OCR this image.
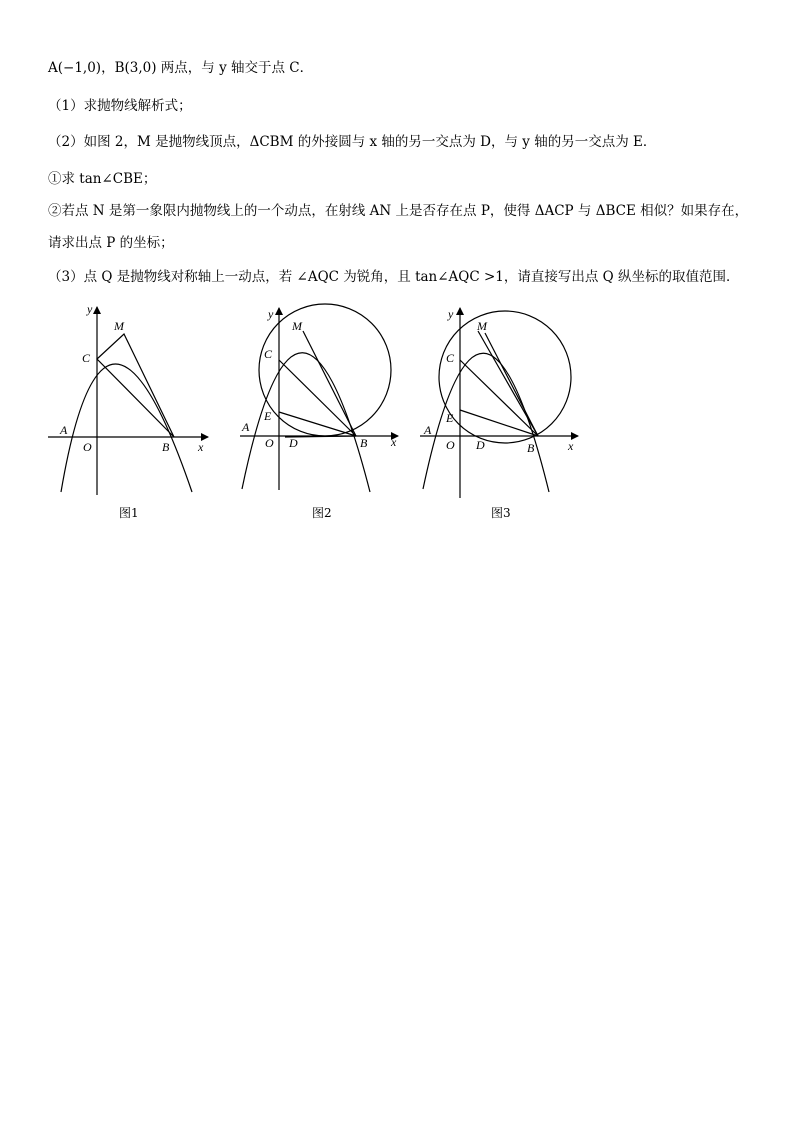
A(−1,0)，B(3,0) 两点，与 y 轴交于点 C．
（1）求抛物线解析式；
（2）如图 2，M 是抛物线顶点，ΔCBM 的外接圆与 x 轴的另一交点为 D，与 y 轴的另一交点为 E．
①求 tan∠CBE；
②若点 N 是第一象限内抛物线上的一个动点，在射线 AN 上是否存在点 P，使得 ΔACP 与 ΔBCE 相似？如果存在，
请求出点 P 的坐标；
（3）点 Q 是抛物线对称轴上一动点，若 ∠AQC 为锐角，且 tan∠AQC >1，请直接写出点 Q 纵坐标的取值范围．
y
x
M
C
A
O	B
y
x
M
C
E
A
O D	B
y
x
M
C
E
A
O D	B
图1	图2	图3
